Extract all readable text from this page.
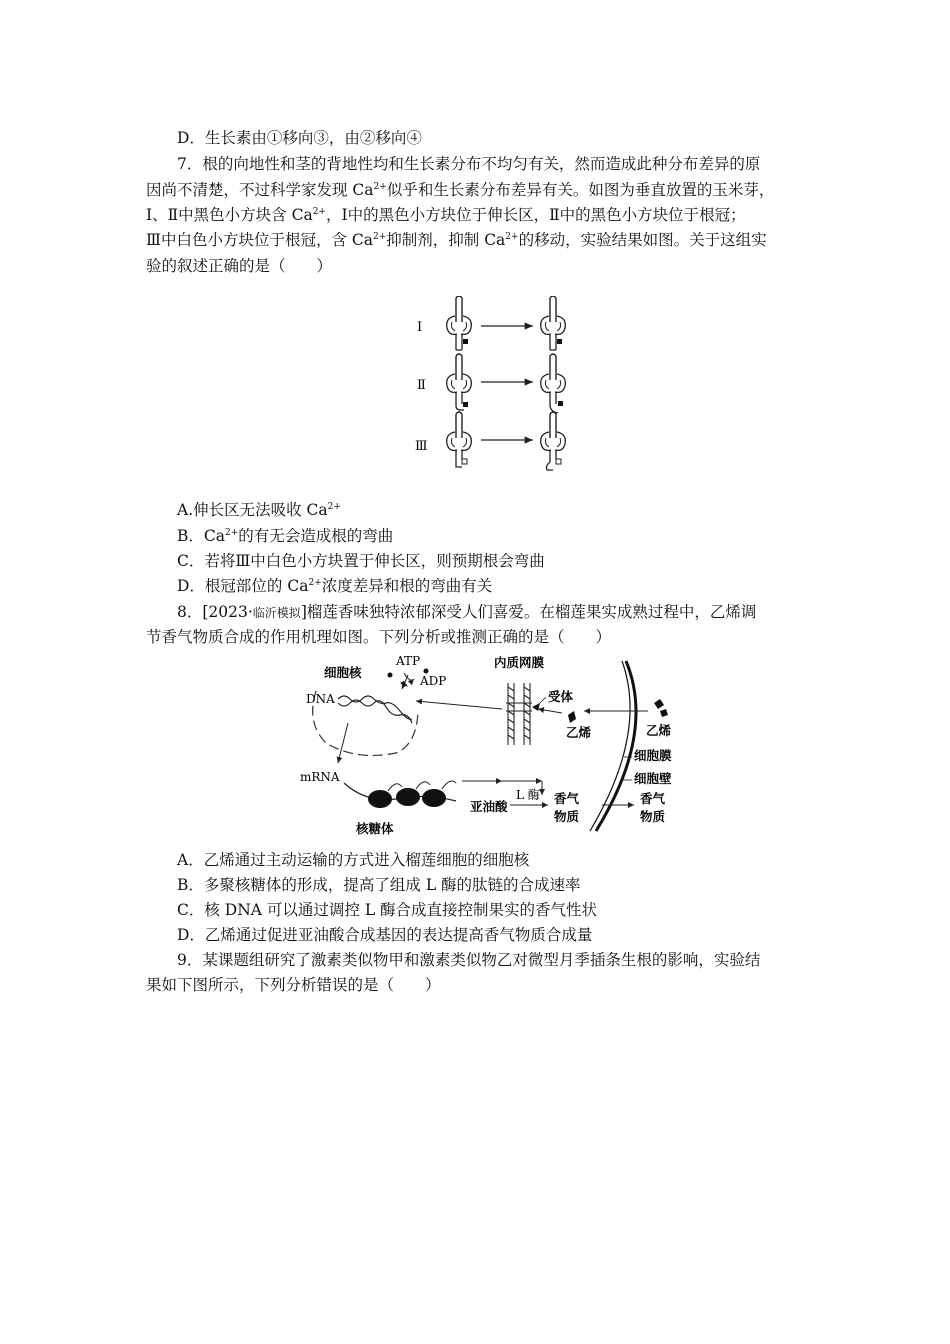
D．生长素由①移向③，由②移向④
7．根的向地性和茎的背地性均和生长素分布不均匀有关，然而造成此种分布差异的原
因尚不清楚，不过科学家发现 $Ca^{2+}$似乎和生长素分布差异有关。如图为垂直放置的玉米芽，
Ⅰ、Ⅱ中黑色小方块含 $Ca^{2+}$，Ⅰ中的黑色小方块位于伸长区，Ⅱ中的黑色小方块位于根冠；
Ⅲ中白色小方块位于根冠，含 $Ca^{2+}$抑制剂，抑制 $Ca^{2+}$的移动，实验结果如图。关于这组实
验的叙述正确的是（　　）
Ⅰ
Ⅱ
Ⅲ
A.伸长区无法吸收 $Ca^{2+}$
B．$Ca^{2+}$的有无会造成根的弯曲
C．若将Ⅲ中白色小方块置于伸长区，则预期根会弯曲
D．根冠部位的 $Ca^{2+}$浓度差异和根的弯曲有关
8．[2023·临沂模拟]榴莲香味独特浓郁深受人们喜爱。在榴莲果实成熟过程中，乙烯调
节香气物质合成的作用机理如图。下列分析或推测正确的是（　　）
细胞核
ATP
ADP
DNA
内质网膜
受体
乙烯	乙烯
细胞膜
细胞壁
mRNA
核糖体
亚油酸
L 酶 香气
物质
香气
物质
A．乙烯通过主动运输的方式进入榴莲细胞的细胞核
B．多聚核糖体的形成，提高了组成 L 酶的肽链的合成速率
C．核 DNA 可以通过调控 L 酶合成直接控制果实的香气性状
D．乙烯通过促进亚油酸合成基因的表达提高香气物质合成量
9．某课题组研究了激素类似物甲和激素类似物乙对微型月季插条生根的影响，实验结
果如下图所示，下列分析错误的是（　　）
